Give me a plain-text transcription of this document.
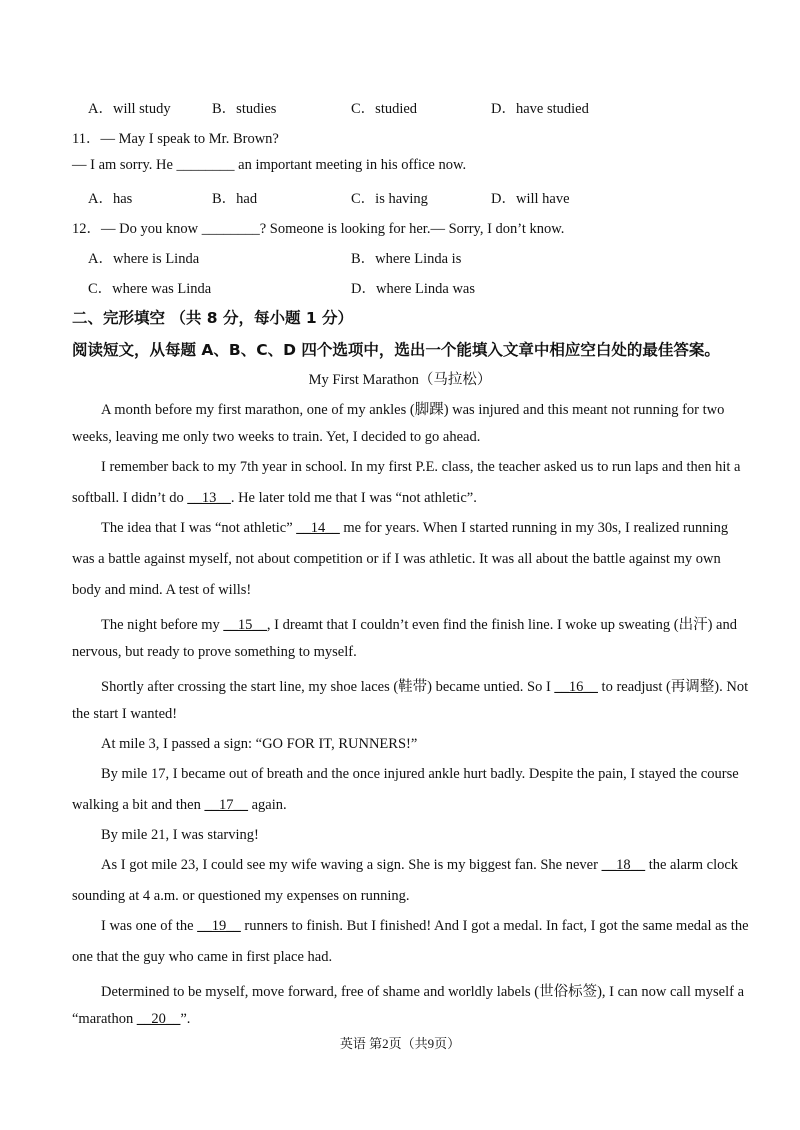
A．will study	B．studies	C．studied	D．have studied
11．— May I speak to Mr. Brown?
— I am sorry. He ________ an important meeting in his office now.
A．has	B．had	C．is having	D．will have
12．— Do you know ________? Someone is looking for her.— Sorry, I don’t know.
A．where is Linda	B．where Linda is
C．where was Linda	D．where Linda was
二、完形填空 （共 8 分，每小题 1 分）
阅读短文，从每题 A、B、C、D 四个选项中，选出一个能填入文章中相应空白处的最佳答案。
My First Marathon（马拉松）
A month before my first marathon, one of my ankles (脚踝) was injured and this meant not running for two
weeks, leaving me only two weeks to train. Yet, I decided to go ahead.
I remember back to my 7th year in school. In my first P.E. class, the teacher asked us to run laps and then hit a
softball. I didn’t do __13__. He later told me that I was “not athletic”.
The idea that I was “not athletic” __14__ me for years. When I started running in my 30s, I realized running
was a battle against myself, not about competition or if I was athletic. It was all about the battle against my own
body and mind. A test of wills!
The night before my __15__, I dreamt that I couldn’t even find the finish line. I woke up sweating (出汗) and
nervous, but ready to prove something to myself.
Shortly after crossing the start line, my shoe laces (鞋带) became untied. So I __16__ to readjust (再调整). Not
the start I wanted!
At mile 3, I passed a sign: “GO FOR IT, RUNNERS!”
By mile 17, I became out of breath and the once injured ankle hurt badly. Despite the pain, I stayed the course
walking a bit and then __17__ again.
By mile 21, I was starving!
As I got mile 23, I could see my wife waving a sign. She is my biggest fan. She never __18__ the alarm clock
sounding at 4 a.m. or questioned my expenses on running.
I was one of the __19__ runners to finish. But I finished! And I got a medal. In fact, I got the same medal as the
one that the guy who came in first place had.
Determined to be myself, move forward, free of shame and worldly labels (世俗标签), I can now call myself a
“marathon __20__”.
英语 第2页（共9页）
